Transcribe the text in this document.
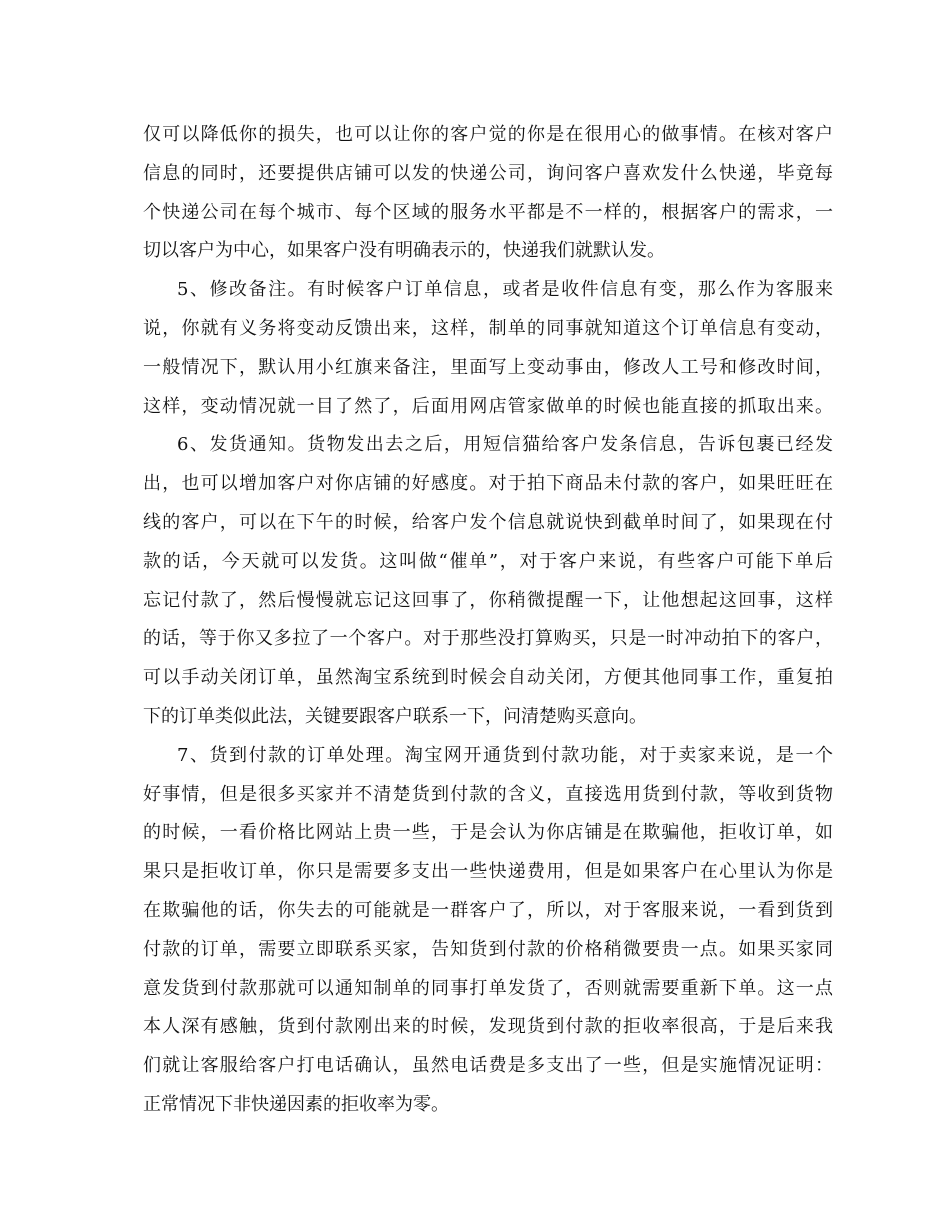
仅可以降低你的损失，也可以让你的客户觉的你是在很用心的做事情。在核对客户
信息的同时，还要提供店铺可以发的快递公司，询问客户喜欢发什么快递，毕竟每
个快递公司在每个城市、每个区域的服务水平都是不一样的，根据客户的需求，一
切以客户为中心，如果客户没有明确表示的，快递我们就默认发。
5、修改备注。有时候客户订单信息，或者是收件信息有变，那么作为客服来
说，你就有义务将变动反馈出来，这样，制单的同事就知道这个订单信息有变动，
一般情况下，默认用小红旗来备注，里面写上变动事由，修改人工号和修改时间，
这样，变动情况就一目了然了，后面用网店管家做单的时候也能直接的抓取出来。
6、发货通知。货物发出去之后，用短信猫给客户发条信息，告诉包裹已经发
出，也可以增加客户对你店铺的好感度。对于拍下商品未付款的客户，如果旺旺在
线的客户，可以在下午的时候，给客户发个信息就说快到截单时间了，如果现在付
款的话，今天就可以发货。这叫做“催单”，对于客户来说，有些客户可能下单后
忘记付款了，然后慢慢就忘记这回事了，你稍微提醒一下，让他想起这回事，这样
的话，等于你又多拉了一个客户。对于那些没打算购买，只是一时冲动拍下的客户，
可以手动关闭订单，虽然淘宝系统到时候会自动关闭，方便其他同事工作，重复拍
下的订单类似此法，关键要跟客户联系一下，问清楚购买意向。
7、货到付款的订单处理。淘宝网开通货到付款功能，对于卖家来说，是一个
好事情，但是很多买家并不清楚货到付款的含义，直接选用货到付款，等收到货物
的时候，一看价格比网站上贵一些，于是会认为你店铺是在欺骗他，拒收订单，如
果只是拒收订单，你只是需要多支出一些快递费用，但是如果客户在心里认为你是
在欺骗他的话，你失去的可能就是一群客户了，所以，对于客服来说，一看到货到
付款的订单，需要立即联系买家，告知货到付款的价格稍微要贵一点。如果买家同
意发货到付款那就可以通知制单的同事打单发货了，否则就需要重新下单。这一点
本人深有感触，货到付款刚出来的时候，发现货到付款的拒收率很高，于是后来我
们就让客服给客户打电话确认，虽然电话费是多支出了一些，但是实施情况证明：
正常情况下非快递因素的拒收率为零。
